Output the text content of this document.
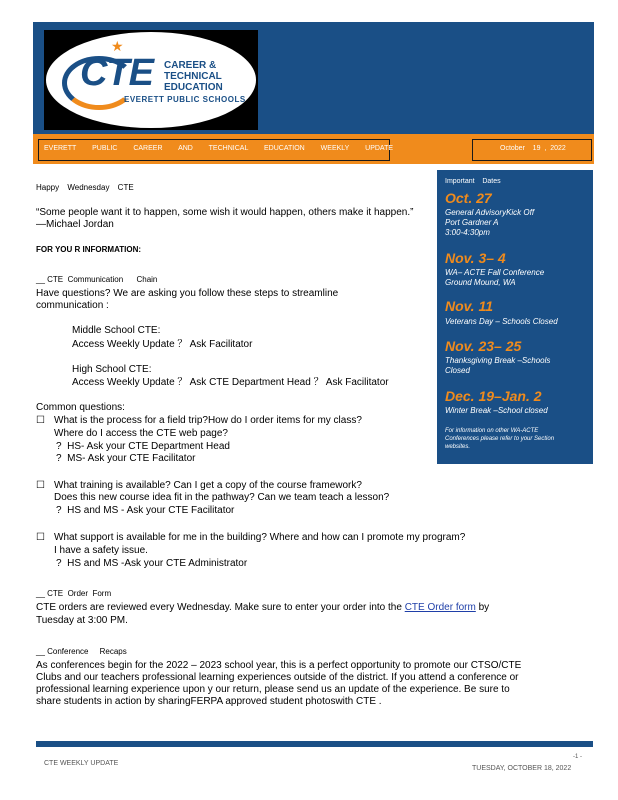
★
CTE CAREER &
TECHNICAL
EDUCATION
EVERETT PUBLIC SCHOOLS
EVERETT PUBLIC CAREER AND TECHNICAL EDUCATION WEEKLY UPDATE	October    19  ,  2022
Happy Wednesday CTE
“Some people want it to happen, some wish it would happen, others make it happen.” —Michael Jordan
FOR YOU R INFORMATION:
__ CTE  Communication      Chain
Have questions? We are asking you follow these steps to streamline communication :
Middle School CTE:
Access Weekly Update ？ Ask Facilitator
High School CTE:
Access Weekly Update ？ Ask CTE Department Head ？ Ask Facilitator
Common questions:
☐ What is the process for a field trip?How do I order items for my class?
Where do I access the CTE web page?
?  HS- Ask your CTE Department Head
?  MS- Ask your CTE Facilitator
☐ What training is available? Can I get a copy of the course framework?
Does this new course idea fit in the pathway? Can we team teach a lesson?
?  HS and MS - Ask your CTE Facilitator
☐ What support is available for me in the building? Where and how can I promote my program?
I have a safety issue.
?  HS and MS -Ask your CTE Administrator
__ CTE  Order  Form
CTE orders are reviewed every Wednesday. Make sure to enter your order into the CTE Order form by
Tuesday at 3:00 PM.
__ Conference     Recaps
As conferences begin for the 2022 – 2023 school year, this is a perfect opportunity to promote our CTSO/CTE
Clubs and our teachers professional learning experiences outside of the district. If you attend a conference or
professional learning experience upon y our return, please send us an update of the experience. Be sure to
share students in action by sharingFERPA approved student photoswith CTE .
Important    Dates
Oct. 27
General AdvisoryKick Off
Port Gardner A
3:00-4:30pm
Nov. 3– 4
WA– ACTE Fall Conference
Ground Mound, WA
Nov. 11
Veterans Day – Schools Closed
Nov. 23– 25
Thanksgiving Break –Schools
Closed
Dec. 19–Jan. 2
Winter Break –School closed
For information on other WA-ACTE
Conferences please refer to your Section
websites.
CTE WEEKLY UPDATE
-1 -
TUESDAY, OCTOBER 18, 2022
